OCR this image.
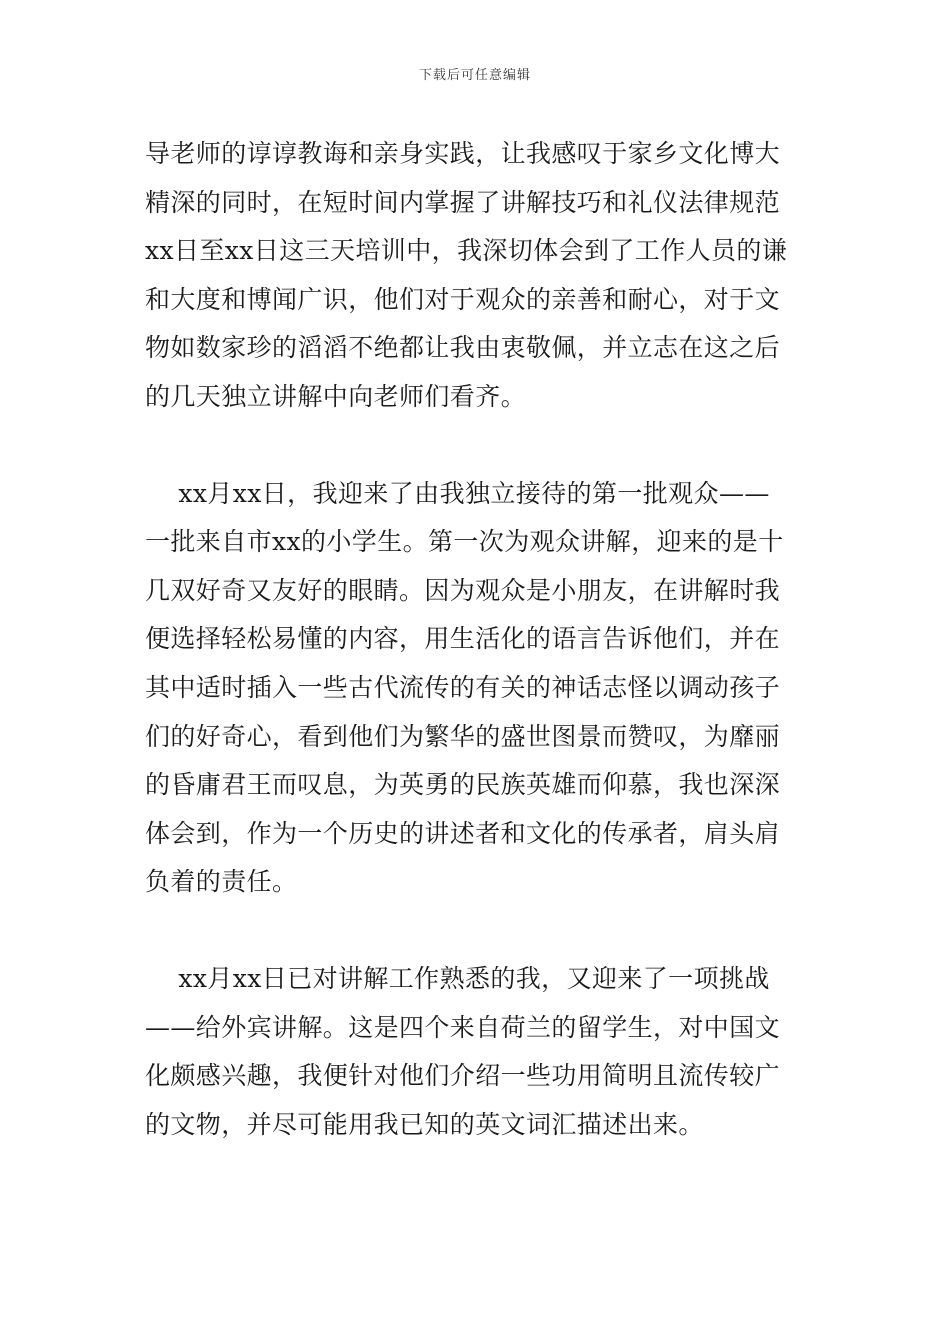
下载后可任意编辑
导老师的谆谆教诲和亲身实践，让我感叹于家乡文化博大
精深的同时，在短时间内掌握了讲解技巧和礼仪法律规范
xx日至xx日这三天培训中，我深切体会到了工作人员的谦
和大度和博闻广识，他们对于观众的亲善和耐心，对于文
物如数家珍的滔滔不绝都让我由衷敬佩，并立志在这之后
的几天独立讲解中向老师们看齐。
xx月xx日，我迎来了由我独立接待的第一批观众——
一批来自市xx的小学生。第一次为观众讲解，迎来的是十
几双好奇又友好的眼睛。因为观众是小朋友，在讲解时我
便选择轻松易懂的内容，用生活化的语言告诉他们，并在
其中适时插入一些古代流传的有关的神话志怪以调动孩子
们的好奇心，看到他们为繁华的盛世图景而赞叹，为靡丽
的昏庸君王而叹息，为英勇的民族英雄而仰慕，我也深深
体会到，作为一个历史的讲述者和文化的传承者，肩头肩
负着的责任。
xx月xx日已对讲解工作熟悉的我，又迎来了一项挑战
——给外宾讲解。这是四个来自荷兰的留学生，对中国文
化颇感兴趣，我便针对他们介绍一些功用简明且流传较广
的文物，并尽可能用我已知的英文词汇描述出来。
